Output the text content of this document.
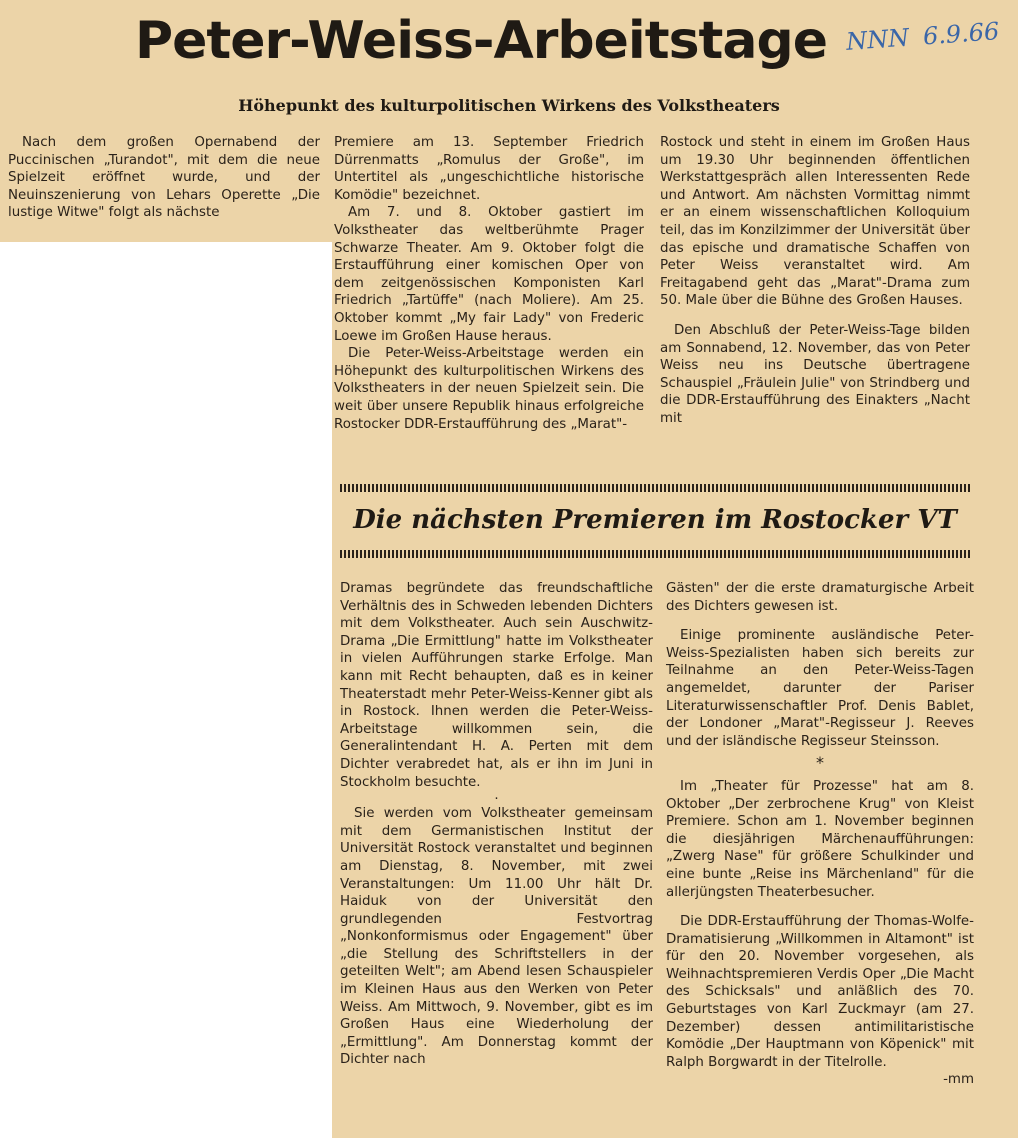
Peter-Weiss-Arbeitstage NNN 6.9.66
Höhepunkt des kulturpolitischen Wirkens des Volkstheaters

Nach dem großen Opernabend der Puccinischen „Turandot", mit dem die neue Spielzeit eröffnet wurde, und der Neuinszenierung von Lehars Operette „Die lustige Witwe" folgt als nächste

Premiere am 13. September Friedrich Dürrenmatts „Romulus der Große", im Untertitel als „ungeschichtliche historische Komödie" bezeichnet.

Am 7. und 8. Oktober gastiert im Volkstheater das weltberühmte Prager Schwarze Theater. Am 9. Oktober folgt die Erstaufführung einer komischen Oper von dem zeitgenössischen Komponisten Karl Friedrich „Tartüffe" (nach Moliere). Am 25. Oktober kommt „My fair Lady" von Frederic Loewe im Großen Hause heraus.

Die Peter-Weiss-Arbeitstage werden ein Höhepunkt des kulturpolitischen Wirkens des Volkstheaters in der neuen Spielzeit sein. Die weit über unsere Republik hinaus erfolgreiche Rostocker DDR-Erstaufführung des „Marat"-

Rostock und steht in einem im Großen Haus um 19.30 Uhr beginnenden öffentlichen Werkstattgespräch allen Interessenten Rede und Antwort. Am nächsten Vormittag nimmt er an einem wissenschaftlichen Kolloquium teil, das im Konzilzimmer der Universität über das epische und dramatische Schaffen von Peter Weiss veranstaltet wird. Am Freitagabend geht das „Marat"-Drama zum 50. Male über die Bühne des Großen Hauses.

Den Abschluß der Peter-Weiss-Tage bilden am Sonnabend, 12. November, das von Peter Weiss neu ins Deutsche übertragene Schauspiel „Fräulein Julie" von Strindberg und die DDR-Erstaufführung des Einakters „Nacht mit

Die nächsten Premieren im Rostocker VT

Dramas begründete das freundschaftliche Verhältnis des in Schweden lebenden Dichters mit dem Volkstheater. Auch sein Auschwitz-Drama „Die Ermittlung" hatte im Volkstheater in vielen Aufführungen starke Erfolge. Man kann mit Recht behaupten, daß es in keiner Theaterstadt mehr Peter-Weiss-Kenner gibt als in Rostock. Ihnen werden die Peter-Weiss-Arbeitstage willkommen sein, die Generalintendant H. A. Perten mit dem Dichter verabredet hat, als er ihn im Juni in Stockholm besuchte.

·

Sie werden vom Volkstheater gemeinsam mit dem Germanistischen Institut der Universität Rostock veranstaltet und beginnen am Dienstag, 8. November, mit zwei Veranstaltungen: Um 11.00 Uhr hält Dr. Haiduk von der Universität den grundlegenden Festvortrag „Nonkonformismus oder Engagement" über „die Stellung des Schriftstellers in der geteilten Welt"; am Abend lesen Schauspieler im Kleinen Haus aus den Werken von Peter Weiss. Am Mittwoch, 9. November, gibt es im Großen Haus eine Wiederholung der „Ermittlung". Am Donnerstag kommt der Dichter nach

Gästen" der die erste dramaturgische Arbeit des Dichters gewesen ist.

Einige prominente ausländische Peter-Weiss-Spezialisten haben sich bereits zur Teilnahme an den Peter-Weiss-Tagen angemeldet, darunter der Pariser Literaturwissenschaftler Prof. Denis Bablet, der Londoner „Marat"-Regisseur J. Reeves und der isländische Regisseur Steinsson.

*

Im „Theater für Prozesse" hat am 8. Oktober „Der zerbrochene Krug" von Kleist Premiere. Schon am 1. November beginnen die diesjährigen Märchenaufführungen: „Zwerg Nase" für größere Schulkinder und eine bunte „Reise ins Märchenland" für die allerjüngsten Theaterbesucher.

Die DDR-Erstaufführung der Thomas-Wolfe-Dramatisierung „Willkommen in Altamont" ist für den 20. November vorgesehen, als Weihnachtspremieren Verdis Oper „Die Macht des Schicksals" und anläßlich des 70. Geburtstages von Karl Zuckmayr (am 27. Dezember) dessen antimilitaristische Komödie „Der Hauptmann von Köpenick" mit Ralph Borgwardt in der Titelrolle.

-mm
